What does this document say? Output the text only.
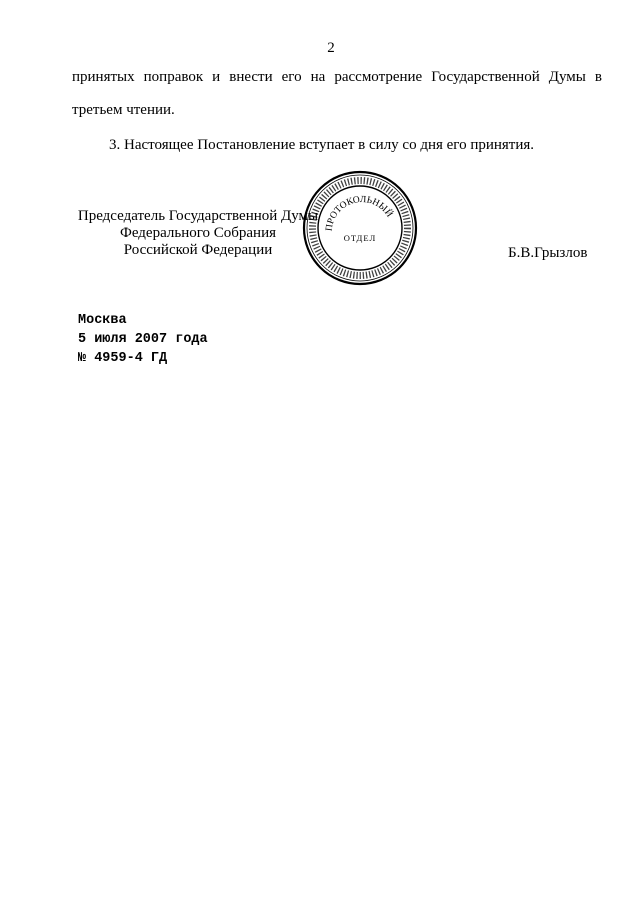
2
принятых поправок и внести его на рассмотрение Государственной Думы в
третьем чтении.
3. Настоящее Постановление вступает в силу со дня его принятия.
Председатель Государственной Думы
Федерального Собрания
Российской Федерации
ПРОТОКОЛЬНЫЙ
ОТДЕЛ
Б.В.Грызлов
Москва
5 июля 2007 года
№ 4959-4 ГД
